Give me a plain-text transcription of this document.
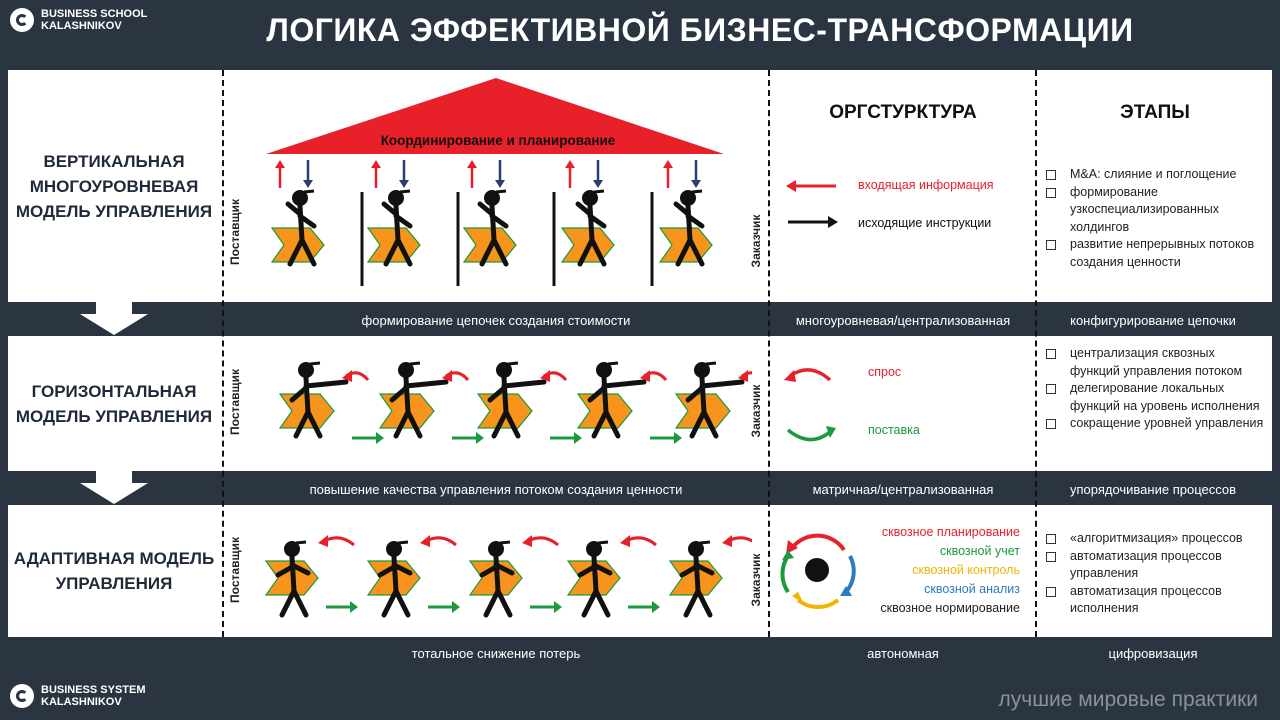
BUSINESS SCHOOL
KALASHNIKOV	ЛОГИКА ЭФФЕКТИВНОЙ БИЗНЕС-ТРАНСФОРМАЦИИ
ВЕРТИКАЛЬНАЯ МНОГОУРОВНЕВАЯ МОДЕЛЬ УПРАВЛЕНИЯ
ГОРИЗОНТАЛЬНАЯ МОДЕЛЬ УПРАВЛЕНИЯ
АДАПТИВНАЯ МОДЕЛЬ УПРАВЛЕНИЯ
ОРГСТУРКТУРА	ЭТАПЫ
Поставщик
Поставщик
Поставщик
Заказчик
Заказчик
Заказчик
Координирование и планирование
входящая информация
исходящие инструкции
спрос
поставка
сквозное планирование
сквозной учет
сквозной контроль
сквозной анализ
сквозное нормирование
M&A: слияние и поглощение
формирование узкоспециализированных холдингов
развитие непрерывных потоков создания ценности
централизация сквозных функций управления потоком
делегирование локальных функций на уровень исполнения
сокращение уровней управления
«алгоритмизация» процессов
автоматизация процессов управления
автоматизация процессов исполнения
формирование цепочек создания стоимости	многоуровневая/централизованная	конфигурирование цепочки
повышение качества управления потоком создания ценности	матричная/централизованная	упорядочивание процессов
тотальное снижение потерь	автономная	цифровизация
BUSINESS SYSTEM
KALASHNIKOV	лучшие мировые практики
